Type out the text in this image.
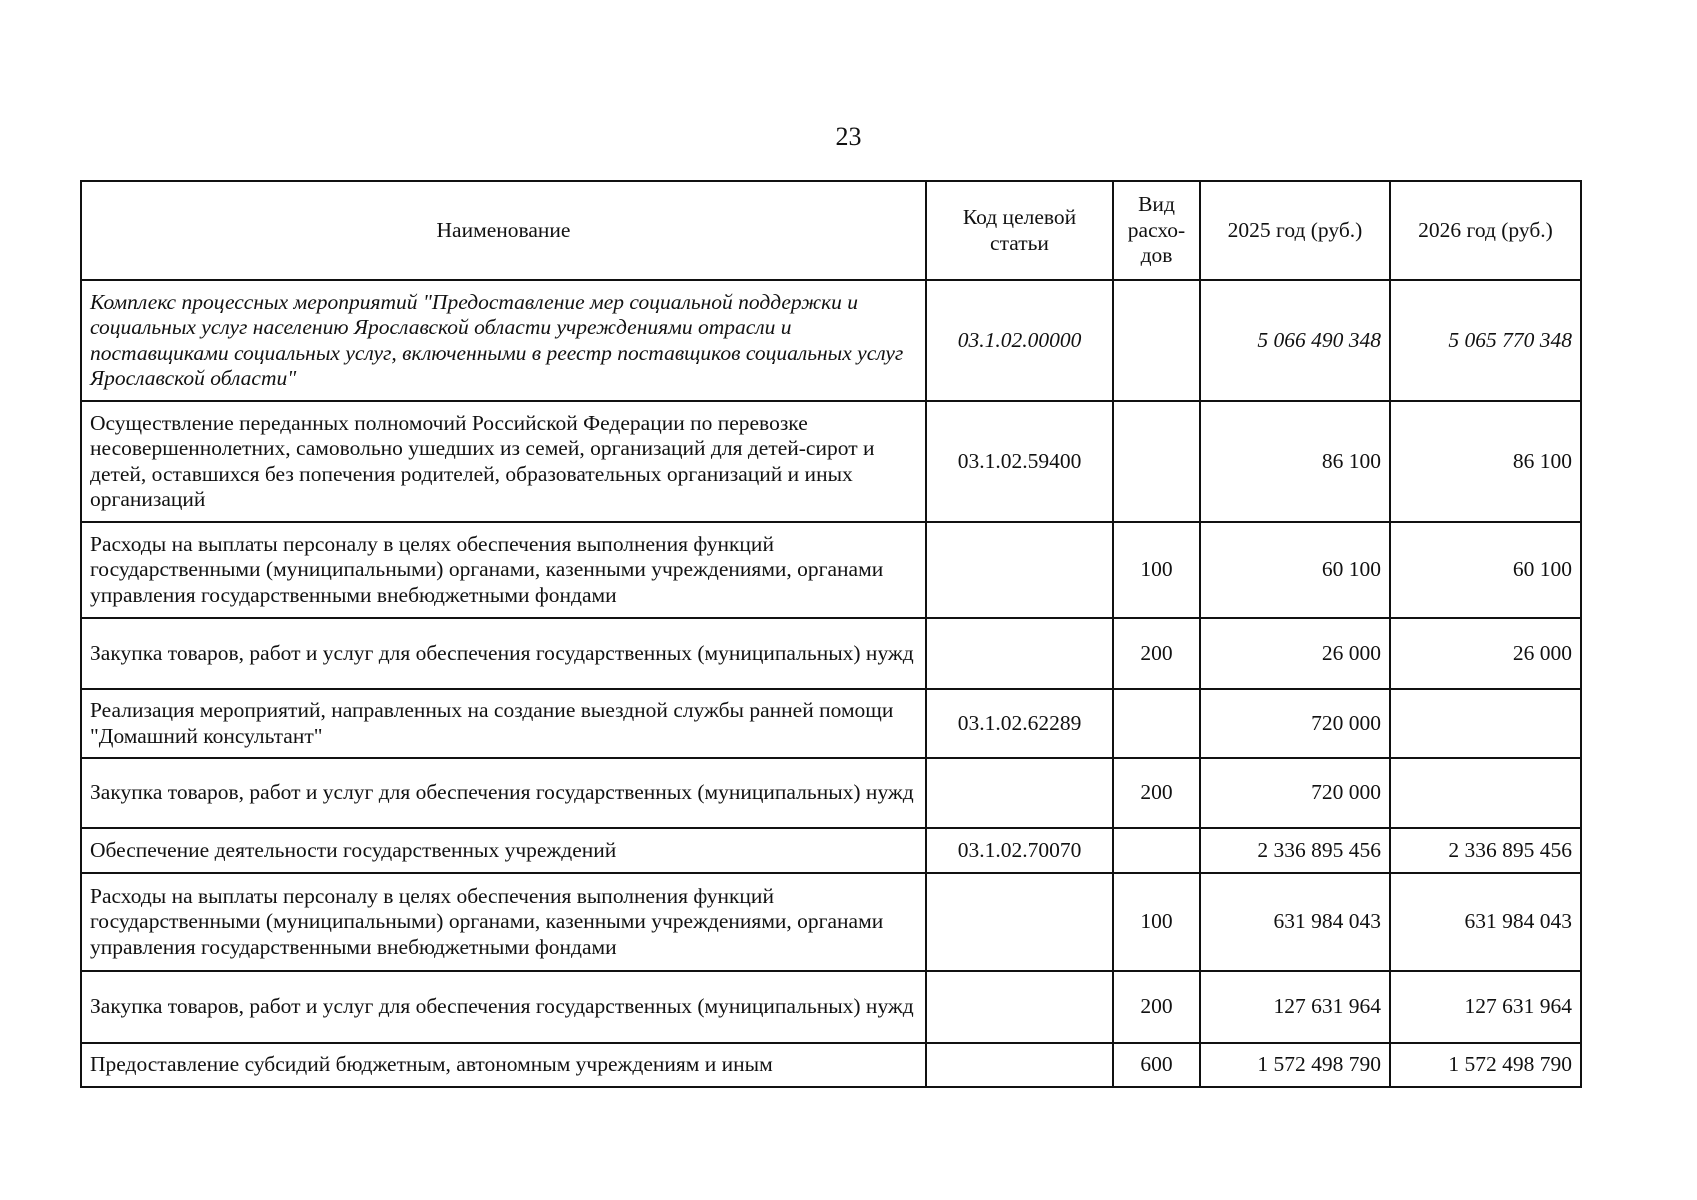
23
Наименование	Код целевой статьи	Вид расхо-дов	2025 год (руб.)	2026 год (руб.)
Комплекс процессных мероприятий "Предоставление мер социальной поддержки и социальных услуг населению Ярославской области учреждениями отрасли и поставщиками социальных услуг, включенными в реестр поставщиков социальных услуг Ярославской области"	03.1.02.00000		5 066 490 348	5 065 770 348
Осуществление переданных полномочий Российской Федерации по перевозке несовершеннолетних, самовольно ушедших из семей, организаций для детей-сирот и детей, оставшихся без попечения родителей, образовательных организаций и иных организаций	03.1.02.59400		86 100	86 100
Расходы на выплаты персоналу в целях обеспечения выполнения функций государственными (муниципальными) органами, казенными учреждениями, органами управления государственными внебюджетными фондами		100	60 100	60 100
Закупка товаров, работ и услуг для обеспечения государственных (муниципальных) нужд		200	26 000	26 000
Реализация мероприятий, направленных на создание выездной службы ранней помощи "Домашний консультант"	03.1.02.62289		720 000	
Закупка товаров, работ и услуг для обеспечения государственных (муниципальных) нужд		200	720 000	
Обеспечение деятельности государственных учреждений	03.1.02.70070		2 336 895 456	2 336 895 456
Расходы на выплаты персоналу в целях обеспечения выполнения функций государственными (муниципальными) органами, казенными учреждениями, органами управления государственными внебюджетными фондами		100	631 984 043	631 984 043
Закупка товаров, работ и услуг для обеспечения государственных (муниципальных) нужд		200	127 631 964	127 631 964
Предоставление субсидий бюджетным, автономным учреждениям и иным		600	1 572 498 790	1 572 498 790
